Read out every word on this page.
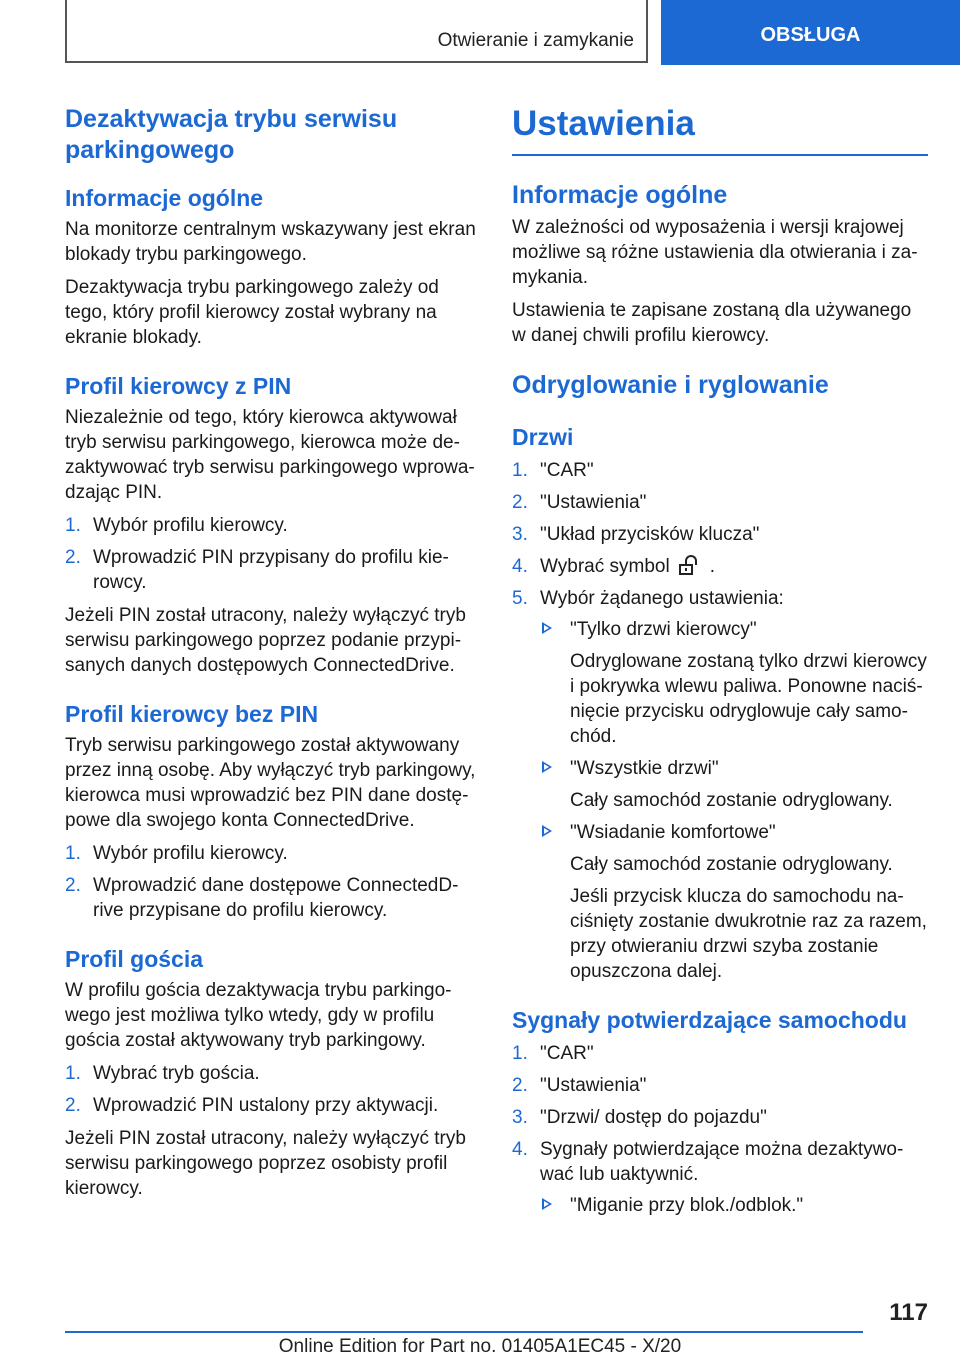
Otwieranie i zamykanie	OBSŁUGA
Dezaktywacja trybu serwisu parkingowego
Informacje ogólne

Na monitorze centralnym wskazywany jest ekran blokady trybu parkingowego.

Dezaktywacja trybu parkingowego zależy od tego, który profil kierowcy został wybrany na ekranie blokady.

Profil kierowcy z PIN

Niezależnie od tego, który kierowca aktywował tryb serwisu parkingowego, kierowca może de-zaktywować tryb serwisu parkingowego wprowa-dzając PIN.

1. Wybór profilu kierowcy.
2. Wprowadzić PIN przypisany do profilu kie-rowcy.

Jeżeli PIN został utracony, należy wyłączyć tryb serwisu parkingowego poprzez podanie przypi-sanych danych dostępowych ConnectedDrive.

Profil kierowcy bez PIN

Tryb serwisu parkingowego został aktywowany przez inną osobę. Aby wyłączyć tryb parkingowy, kierowca musi wprowadzić bez PIN dane dostę-powe dla swojego konta ConnectedDrive.

1. Wybór profilu kierowcy.
2. Wprowadzić dane dostępowe ConnectedD-rive przypisane do profilu kierowcy.
Profil gościa

W profilu gościa dezaktywacja trybu parkingo-wego jest możliwa tylko wtedy, gdy w profilu gościa został aktywowany tryb parkingowy.

1. Wybrać tryb gościa.
2. Wprowadzić PIN ustalony przy aktywacji.

Jeżeli PIN został utracony, należy wyłączyć tryb serwisu parkingowego poprzez osobisty profil kierowcy.

Ustawienia
Informacje ogólne

W zależności od wyposażenia i wersji krajowej możliwe są różne ustawienia dla otwierania i za-mykania.

Ustawienia te zapisane zostaną dla używanego w danej chwili profilu kierowcy.

Odryglowanie i ryglowanie
Drzwi
1. "CAR"
2. "Ustawienia"
3. "Układ przycisków klucza"
4. Wybrać symbol .
5. Wybór żądanego ustawienia:
"Tylko drzwi kierowcy"
Odryglowane zostaną tylko drzwi kierowcy i pokrywka wlewu paliwa. Ponowne naciś-nięcie przycisku odryglowuje cały samo-chód.
"Wszystkie drzwi"
Cały samochód zostanie odryglowany.
"Wsiadanie komfortowe"
Cały samochód zostanie odryglowany.
Jeśli przycisk klucza do samochodu na-ciśnięty zostanie dwukrotnie raz za razem, przy otwieraniu drzwi szyba zostanie opuszczona dalej.
Sygnały potwierdzające samochodu
1. "CAR"
2. "Ustawienia"
3. "Drzwi/ dostęp do pojazdu"
4. Sygnały potwierdzające można dezaktywo-wać lub uaktywnić.
"Miganie przy blok./odblok."
117
Online Edition for Part no. 01405A1EC45 - X/20
